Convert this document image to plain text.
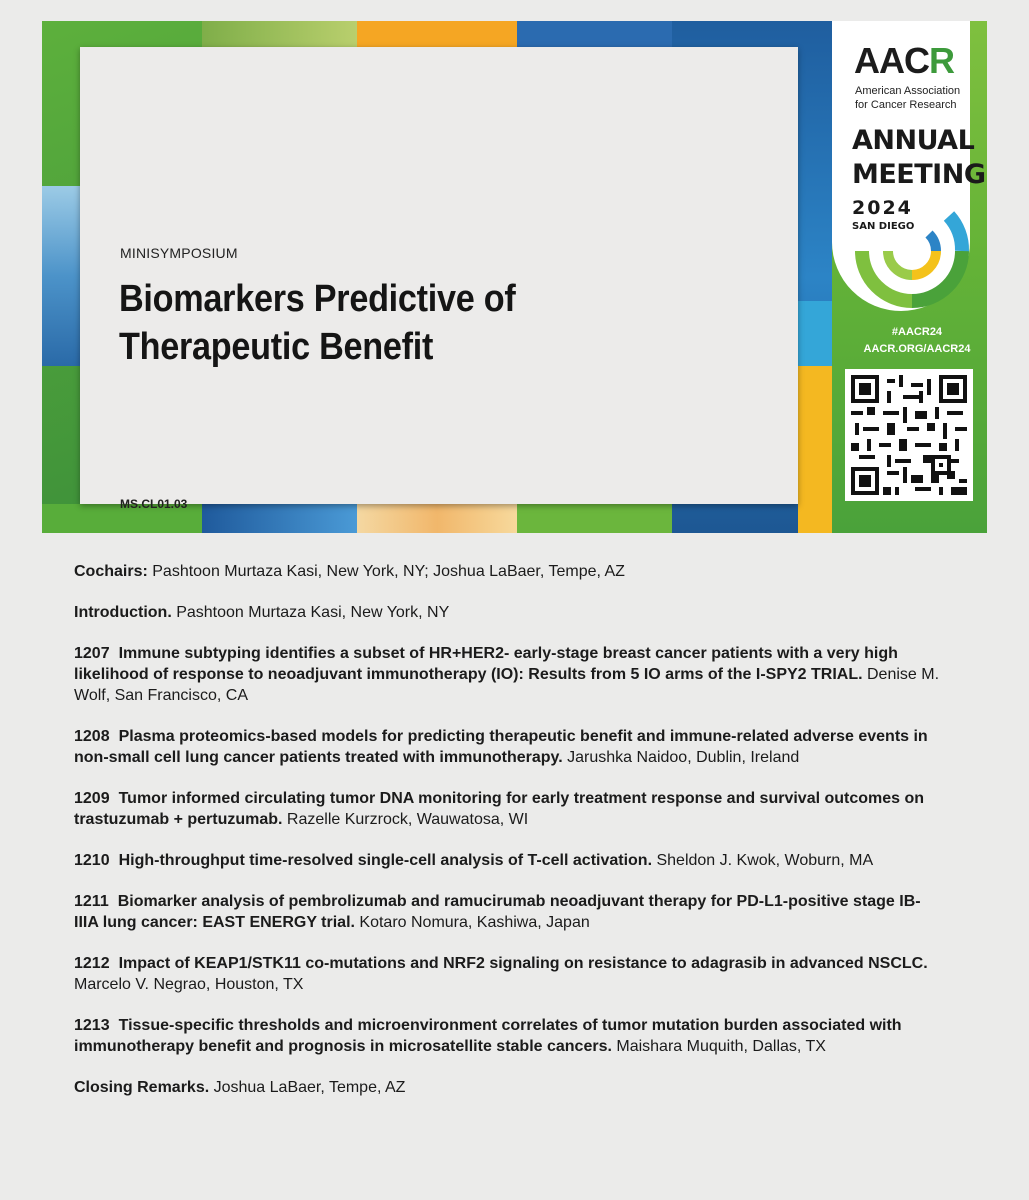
MINISYMPOSIUM
Biomarkers Predictive of
Therapeutic Benefit
MS.CL01.03
AACR
American Association
for Cancer Research
ANNUAL
MEETING
2024
SAN DIEGO
#AACR24
AACR.ORG/AACR24

Cochairs: Pashtoon Murtaza Kasi, New York, NY; Joshua LaBaer, Tempe, AZ

Introduction. Pashtoon Murtaza Kasi, New York, NY

1207 Immune subtyping identifies a subset of HR+HER2- early-stage breast cancer patients with a very high likelihood of response to neoadjuvant immunotherapy (IO): Results from 5 IO arms of the I-SPY2 TRIAL. Denise M. Wolf, San Francisco, CA

1208 Plasma proteomics-based models for predicting therapeutic benefit and immune-related adverse events in non-small cell lung cancer patients treated with immunotherapy. Jarushka Naidoo, Dublin, Ireland

1209 Tumor informed circulating tumor DNA monitoring for early treatment response and survival outcomes on trastuzumab + pertuzumab. Razelle Kurzrock, Wauwatosa, WI

1210 High-throughput time-resolved single-cell analysis of T-cell activation. Sheldon J. Kwok, Woburn, MA

1211 Biomarker analysis of pembrolizumab and ramucirumab neoadjuvant therapy for PD-L1-positive stage IB-IIIA lung cancer: EAST ENERGY trial. Kotaro Nomura, Kashiwa, Japan

1212 Impact of KEAP1/STK11 co-mutations and NRF2 signaling on resistance to adagrasib in advanced NSCLC. Marcelo V. Negrao, Houston, TX

1213 Tissue-specific thresholds and microenvironment correlates of tumor mutation burden associated with immunotherapy benefit and prognosis in microsatellite stable cancers. Maishara Muquith, Dallas, TX

Closing Remarks. Joshua LaBaer, Tempe, AZ
